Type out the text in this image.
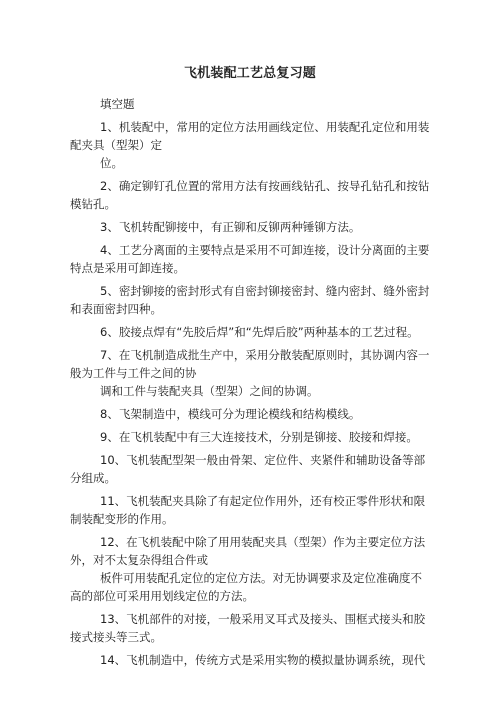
飞机装配工艺总复习题
填空题
1、机装配中，常用的定位方法用画线定位、用装配孔定位和用装
配夹具（型架）定
位。
2、确定铆钉孔位置的常用方法有按画线钻孔、按导孔钻孔和按钻
模钻孔。
3、飞机转配铆接中，有正铆和反铆两种锤铆方法。
4、工艺分离面的主要特点是采用不可卸连接，设计分离面的主要
特点是采用可卸连接。
5、密封铆接的密封形式有自密封铆接密封、缝内密封、缝外密封
和表面密封四种。
6、胶接点焊有“先胶后焊”和“先焊后胶”两种基本的工艺过程。
7、在飞机制造成批生产中，采用分散装配原则时，其协调内容一
般为工件与工件之间的协
调和工件与装配夹具（型架）之间的协调。
8、飞架制造中，模线可分为理论模线和结构模线。
9、在飞机装配中有三大连接技术，分别是铆接、胶接和焊接。
10、飞机装配型架一般由骨架、定位件、夹紧件和辅助设备等部
分组成。
11、飞机装配夹具除了有起定位作用外，还有校正零件形状和限
制装配变形的作用。
12、在飞机装配中除了用用装配夹具（型架）作为主要定位方法
外，对不太复杂得组合件或
板件可用装配孔定位的定位方法。对无协调要求及定位准确度不
高的部位可采用用划线定位的方法。
13、飞机部件的对接，一般采用叉耳式及接头、围框式接头和胶
接式接头等三式。
14、飞机制造中，传统方式是采用实物的模拟量协调系统，现代
